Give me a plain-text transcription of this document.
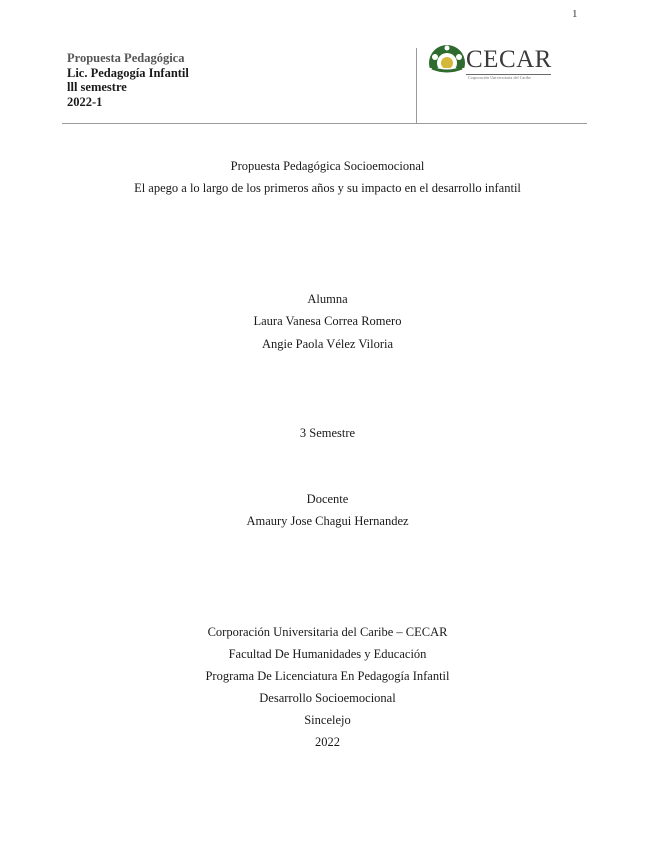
1
Propuesta Pedagógica
Lic. Pedagogía Infantil
lll semestre
2022-1
CECAR
Corporación Universitaria del Caribe
Propuesta Pedagógica Socioemocional
El apego a lo largo de los primeros años y su impacto en el desarrollo infantil
Alumna
Laura Vanesa Correa Romero
Angie Paola Vélez Viloria
3 Semestre
Docente
Amaury Jose Chagui Hernandez
Corporación Universitaria del Caribe – CECAR
Facultad De Humanidades y Educación
Programa De Licenciatura En Pedagogía Infantil
Desarrollo Socioemocional
Sincelejo
2022
